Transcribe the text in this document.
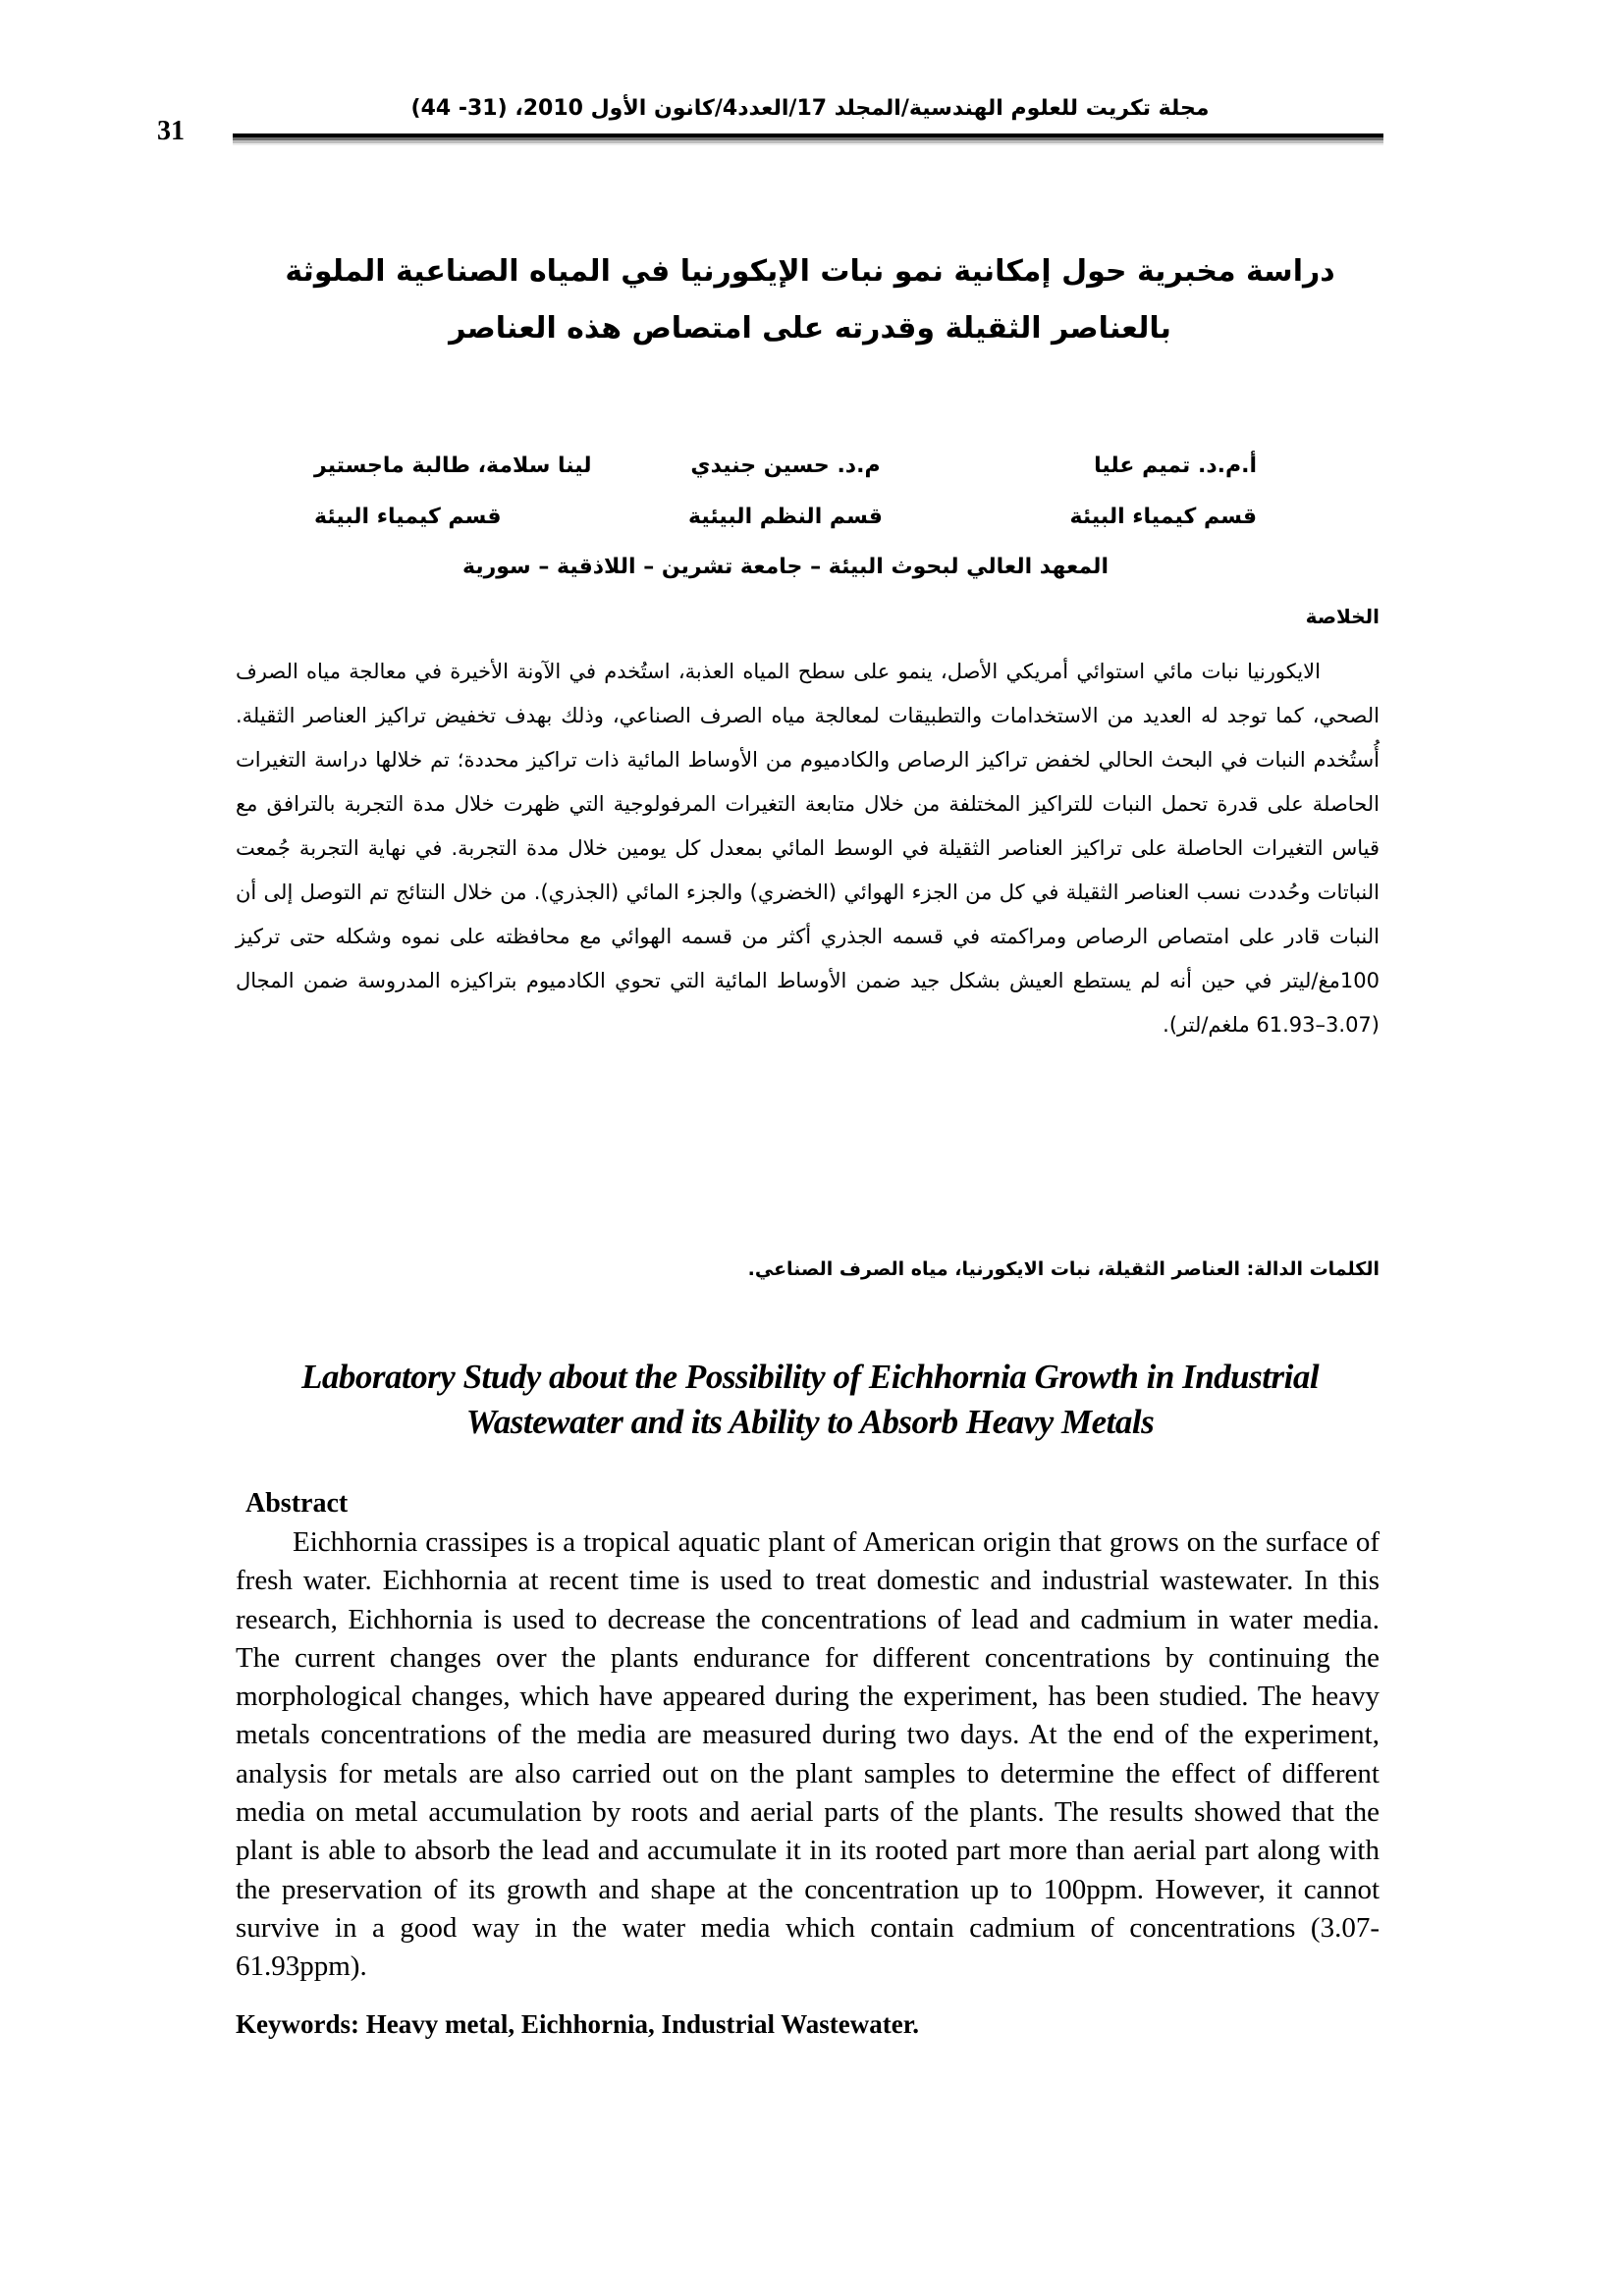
31
مجلة تكريت للعلوم الهندسية/المجلد 17/العدد4/كانون الأول 2010، (31- 44)
دراسة مخبرية حول إمكانية نمو نبات الإيكورنيا في المياه الصناعية الملوثة
بالعناصر الثقيلة وقدرته على امتصاص هذه العناصر
أ.م.د. تميم عليا
م.د. حسين جنيدي
لينا سلامة، طالبة ماجستير
قسم كيمياء البيئة
قسم النظم البيئية
قسم كيمياء البيئة
المعهد العالي لبحوث البيئة – جامعة تشرين – اللاذقية – سورية
الخلاصة
الايكورنيا نبات مائي استوائي أمريكي الأصل، ينمو على سطح المياه العذبة، استُخدم في الآونة الأخيرة في معالجة مياه الصرف الصحي، كما توجد له العديد من الاستخدامات والتطبيقات لمعالجة مياه الصرف الصناعي، وذلك بهدف تخفيض تراكيز العناصر الثقيلة. أُستُخدم النبات في البحث الحالي لخفض تراكيز الرصاص والكادميوم من الأوساط المائية ذات تراكيز محددة؛ تم خلالها دراسة التغيرات الحاصلة على قدرة تحمل النبات للتراكيز المختلفة من خلال متابعة التغيرات المرفولوجية التي ظهرت خلال مدة التجربة بالترافق مع قياس التغيرات الحاصلة على تراكيز العناصر الثقيلة في الوسط المائي بمعدل كل يومين خلال مدة التجربة. في نهاية التجربة جُمعت النباتات وحُددت نسب العناصر الثقيلة في كل من الجزء الهوائي (الخضري) والجزء المائي (الجذري). من خلال النتائج تم التوصل إلى أن النبات قادر على امتصاص الرصاص ومراكمته في قسمه الجذري أكثر من قسمه الهوائي مع محافظته على نموه وشكله حتى تركيز 100مغ/ليتر في حين أنه لم يستطع العيش بشكل جيد ضمن الأوساط المائية التي تحوي الكادميوم بتراكيزه المدروسة ضمن المجال (3.07–61.93 ملغم/لتر).
الكلمات الدالة: العناصر الثقيلة، نبات الايكورنيا، مياه الصرف الصناعي.
Laboratory Study about the Possibility of Eichhornia Growth in Industrial Wastewater and its Ability to Absorb Heavy Metals
Abstract
Eichhornia crassipes is a tropical aquatic plant of American origin that grows on the surface of fresh water. Eichhornia at recent time is used to treat domestic and industrial wastewater. In this research, Eichhornia is used to decrease the concentrations of lead and cadmium in water media. The current changes over the plants endurance for different concentrations by continuing the morphological changes, which have appeared during the experiment, has been studied. The heavy metals concentrations of the media are measured during two days. At the end of the experiment, analysis for metals are also carried out on the plant samples to determine the effect of different media on metal accumulation by roots and aerial parts of the plants. The results showed that the plant is able to absorb the lead and accumulate it in its rooted part more than aerial part along with the preservation of its growth and shape at the concentration up to 100ppm. However, it cannot survive in a good way in the water media which contain cadmium of concentrations (3.07-61.93ppm).
Keywords: Heavy metal, Eichhornia, Industrial Wastewater.
